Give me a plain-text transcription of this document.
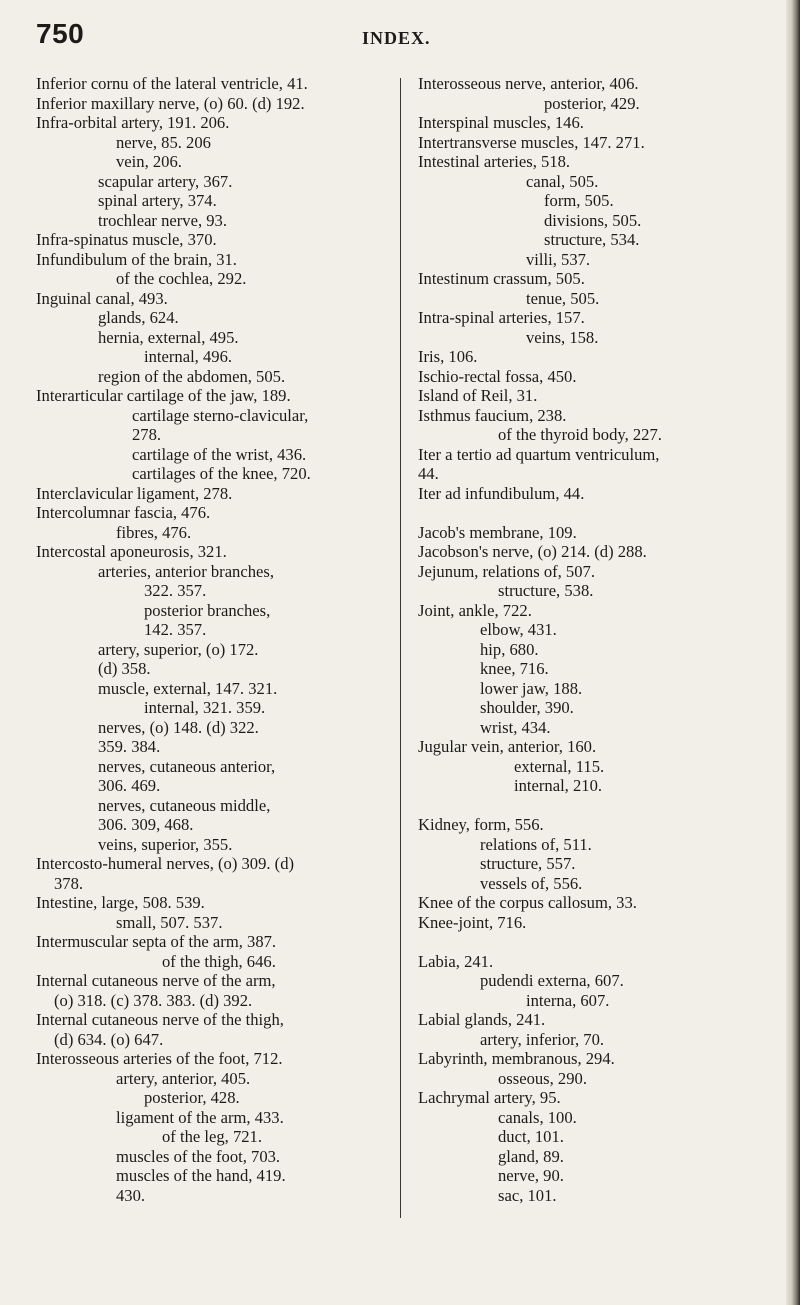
750	INDEX.
Inferior cornu of the lateral ventricle, 41.
Inferior maxillary nerve, (o) 60. (d) 192.
Infra-orbital artery, 191. 206.
nerve, 85. 206
vein, 206.
scapular artery, 367.
spinal artery, 374.
trochlear nerve, 93.
Infra-spinatus muscle, 370.
Infundibulum of the brain, 31.
of the cochlea, 292.
Inguinal canal, 493.
glands, 624.
hernia, external, 495.
internal, 496.
region of the abdomen, 505.
Interarticular cartilage of the jaw, 189.
cartilage sterno-clavicular,
278.
cartilage of the wrist, 436.
cartilages of the knee, 720.
Interclavicular ligament, 278.
Intercolumnar fascia, 476.
fibres, 476.
Intercostal aponeurosis, 321.
arteries, anterior branches,
322. 357.
posterior branches,
142. 357.
artery, superior, (o) 172.
(d) 358.
muscle, external, 147. 321.
internal, 321. 359.
nerves, (o) 148. (d) 322.
359. 384.
nerves, cutaneous anterior,
306. 469.
nerves, cutaneous middle,
306. 309, 468.
veins, superior, 355.
Intercosto-humeral nerves, (o) 309. (d)
378.
Intestine, large, 508. 539.
small, 507. 537.
Intermuscular septa of the arm, 387.
of the thigh, 646.
Internal cutaneous nerve of the arm,
(o) 318. (c) 378. 383. (d) 392.
Internal cutaneous nerve of the thigh,
(d) 634. (o) 647.
Interosseous arteries of the foot, 712.
artery, anterior, 405.
posterior, 428.
ligament of the arm, 433.
of the leg, 721.
muscles of the foot, 703.
muscles of the hand, 419.
430.
Interosseous nerve, anterior, 406.
posterior, 429.
Interspinal muscles, 146.
Intertransverse muscles, 147. 271.
Intestinal arteries, 518.
canal, 505.
form, 505.
divisions, 505.
structure, 534.
villi, 537.
Intestinum crassum, 505.
tenue, 505.
Intra-spinal arteries, 157.
veins, 158.
Iris, 106.
Ischio-rectal fossa, 450.
Island of Reil, 31.
Isthmus faucium, 238.
of the thyroid body, 227.
Iter a tertio ad quartum ventriculum,
44.
Iter ad infundibulum, 44.
Jacob's membrane, 109.
Jacobson's nerve, (o) 214. (d) 288.
Jejunum, relations of, 507.
structure, 538.
Joint, ankle, 722.
elbow, 431.
hip, 680.
knee, 716.
lower jaw, 188.
shoulder, 390.
wrist, 434.
Jugular vein, anterior, 160.
external, 115.
internal, 210.
Kidney, form, 556.
relations of, 511.
structure, 557.
vessels of, 556.
Knee of the corpus callosum, 33.
Knee-joint, 716.
Labia, 241.
pudendi externa, 607.
interna, 607.
Labial glands, 241.
artery, inferior, 70.
Labyrinth, membranous, 294.
osseous, 290.
Lachrymal artery, 95.
canals, 100.
duct, 101.
gland, 89.
nerve, 90.
sac, 101.
